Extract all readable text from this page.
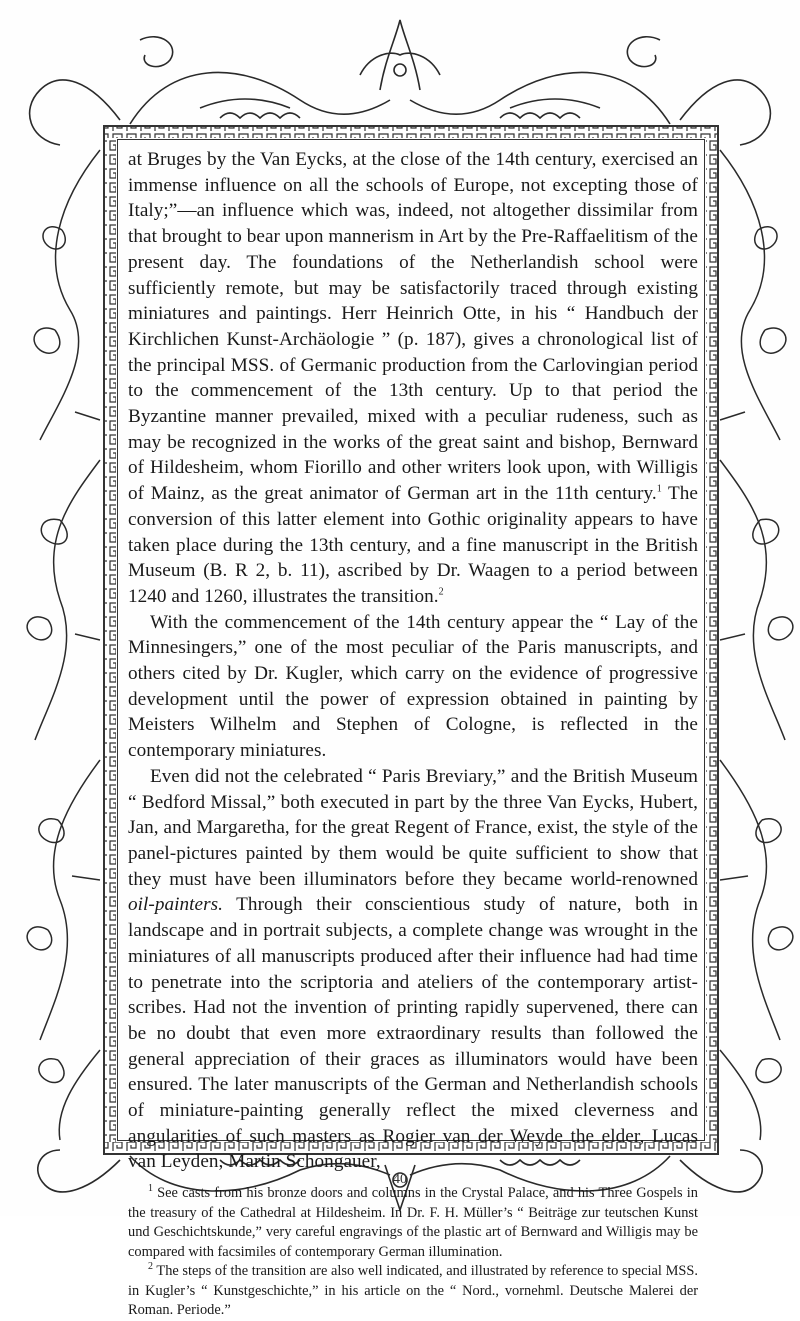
at Bruges by the Van Eycks, at the close of the 14th century, exercised an immense influence on all the schools of Europe, not excepting those of Italy;”—an influence which was, indeed, not altogether dissimilar from that brought to bear upon mannerism in Art by the Pre-Raffaelitism of the present day. The foundations of the Netherlandish school were sufficiently remote, but may be satisfactorily traced through existing miniatures and paintings. Herr Heinrich Otte, in his “ Handbuch der Kirchlichen Kunst-Archäologie ” (p. 187), gives a chronological list of the principal MSS. of Germanic production from the Carlovingian period to the commencement of the 13th century. Up to that period the Byzantine manner prevailed, mixed with a peculiar rudeness, such as may be recognized in the works of the great saint and bishop, Bernward of Hildesheim, whom Fiorillo and other writers look upon, with Willigis of Mainz, as the great animator of German art in the 11th century.$^1$ The conversion of this latter element into Gothic originality appears to have taken place during the 13th century, and a fine manuscript in the British Museum (B. R 2, b. 11), ascribed by Dr. Waagen to a period between 1240 and 1260, illustrates the transition.$^2$

With the commencement of the 14th century appear the “ Lay of the Minnesingers,” one of the most peculiar of the Paris manuscripts, and others cited by Dr. Kugler, which carry on the evidence of progressive development until the power of expression obtained in painting by Meisters Wilhelm and Stephen of Cologne, is reflected in the contemporary miniatures.

Even did not the celebrated “ Paris Breviary,” and the British Museum “ Bedford Missal,” both executed in part by the three Van Eycks, Hubert, Jan, and Margaretha, for the great Regent of France, exist, the style of the panel-pictures painted by them would be quite sufficient to show that they must have been illuminators before they became world-renowned oil-painters. Through their conscientious study of nature, both in landscape and in portrait subjects, a complete change was wrought in the miniatures of all manuscripts produced after their influence had had time to penetrate into the scriptoria and ateliers of the contemporary artist-scribes. Had not the invention of printing rapidly supervened, there can be no doubt that even more extraordinary results than followed the general appreciation of their graces as illuminators would have been ensured. The later manuscripts of the German and Netherlandish schools of miniature-painting generally reflect the mixed cleverness and angularities of such masters as Rogier van der Weyde the elder, Lucas van Leyden, Martin Schongauer,

$^1$ See casts from his bronze doors and columns in the Crystal Palace, and his Three Gospels in the treasury of the Cathedral at Hildesheim. In Dr. F. H. Müller’s “ Beiträge zur teutschen Kunst und Geschichtskunde,” very careful engravings of the plastic art of Bernward and Willigis may be compared with facsimiles of contemporary German illumination.

$^2$ The steps of the transition are also well indicated, and illustrated by reference to special MSS. in Kugler’s “ Kunstgeschichte,” in his article on the “ Nord., vornehml. Deutsche Malerei der Roman. Periode.”

40
